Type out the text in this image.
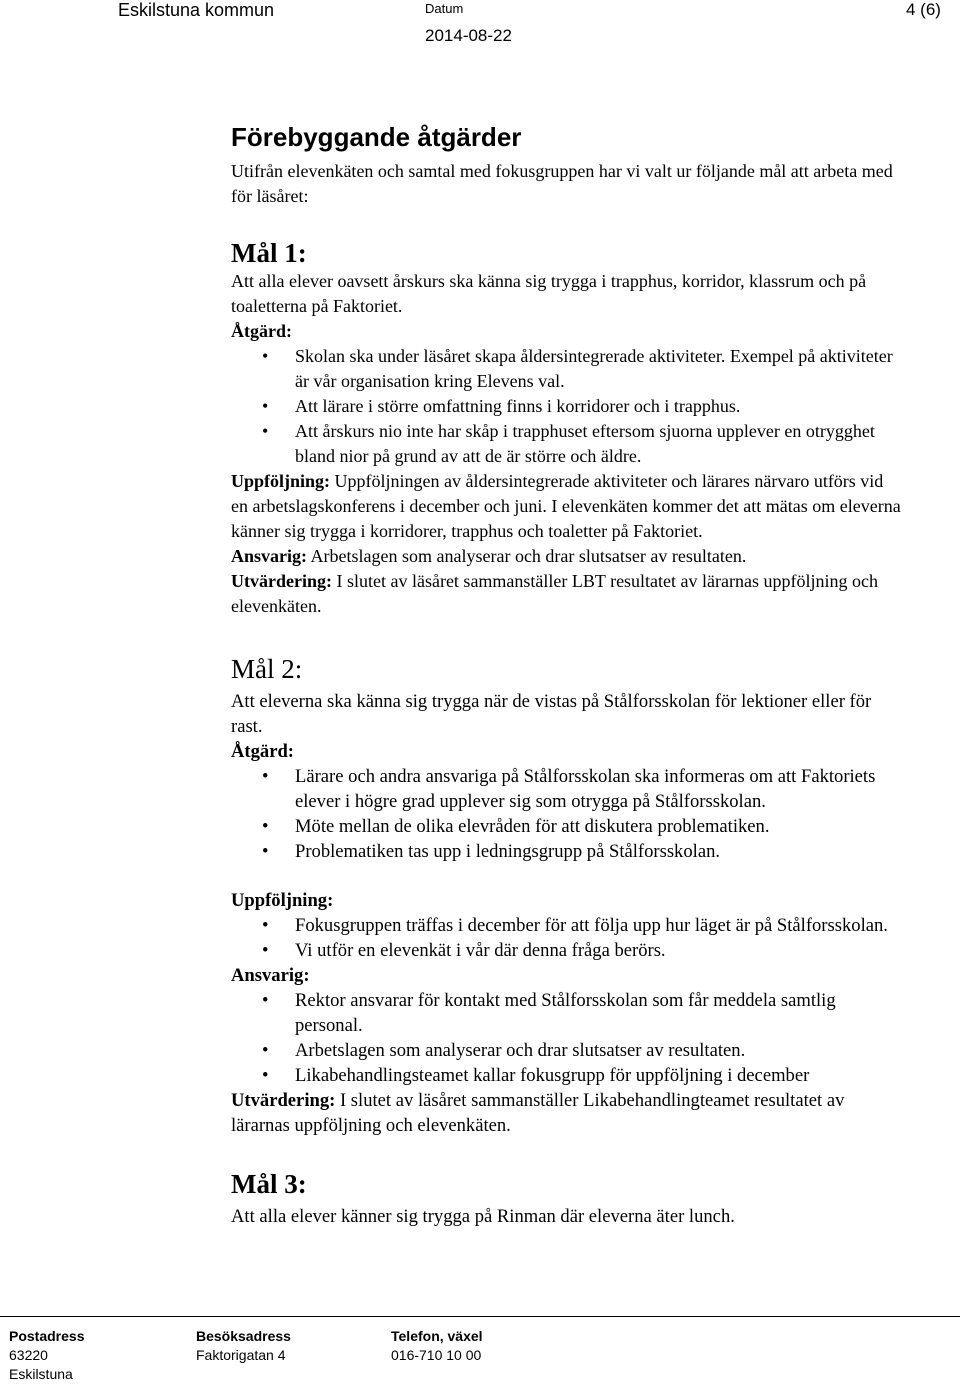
Eskilstuna kommun	Datum
2014-08-22
4 (6)
Förebyggande åtgärder

Utifrån elevenkäten och samtal med fokusgruppen har vi valt ur följande mål att arbeta med för läsåret:

Mål 1:

Att alla elever oavsett årskurs ska känna sig trygga i trapphus, korridor, klassrum och på toaletterna på Faktoriet.

Åtgärd:

• Skolan ska under läsåret skapa åldersintegrerade aktiviteter. Exempel på aktiviteter är vår organisation kring Elevens val.
• Att lärare i större omfattning finns i korridorer och i trapphus.
• Att årskurs nio inte har skåp i trapphuset eftersom sjuorna upplever en otrygghet bland nior på grund av att de är större och äldre.

Uppföljning: Uppföljningen av åldersintegrerade aktiviteter och lärares närvaro utförs vid en arbetslagskonferens i december och juni. I elevenkäten kommer det att mätas om eleverna känner sig trygga i korridorer, trapphus och toaletter på Faktoriet.

Ansvarig: Arbetslagen som analyserar och drar slutsatser av resultaten.

Utvärdering: I slutet av läsåret sammanställer LBT resultatet av lärarnas uppföljning och elevenkäten.

Mål 2:

Att eleverna ska känna sig trygga när de vistas på Stålforsskolan för lektioner eller för rast.

Åtgärd:

• Lärare och andra ansvariga på Stålforsskolan ska informeras om att Faktoriets elever i högre grad upplever sig som otrygga på Stålforsskolan.
• Möte mellan de olika elevråden för att diskutera problematiken.
• Problematiken tas upp i ledningsgrupp på Stålforsskolan.

Uppföljning:

• Fokusgruppen träffas i december för att följa upp hur läget är på Stålforsskolan.
• Vi utför en elevenkät i vår där denna fråga berörs.

Ansvarig:

• Rektor ansvarar för kontakt med Stålforsskolan som får meddela samtlig personal.
• Arbetslagen som analyserar och drar slutsatser av resultaten.
• Likabehandlingsteamet kallar fokusgrupp för uppföljning i december

Utvärdering: I slutet av läsåret sammanställer Likabehandlingteamet resultatet av lärarnas uppföljning och elevenkäten.

Mål 3:

Att alla elever känner sig trygga på Rinman där eleverna äter lunch.

Postadress
63220
Eskilstuna
Besöksadress
Faktorigatan 4
Telefon, växel
016-710 10 00
